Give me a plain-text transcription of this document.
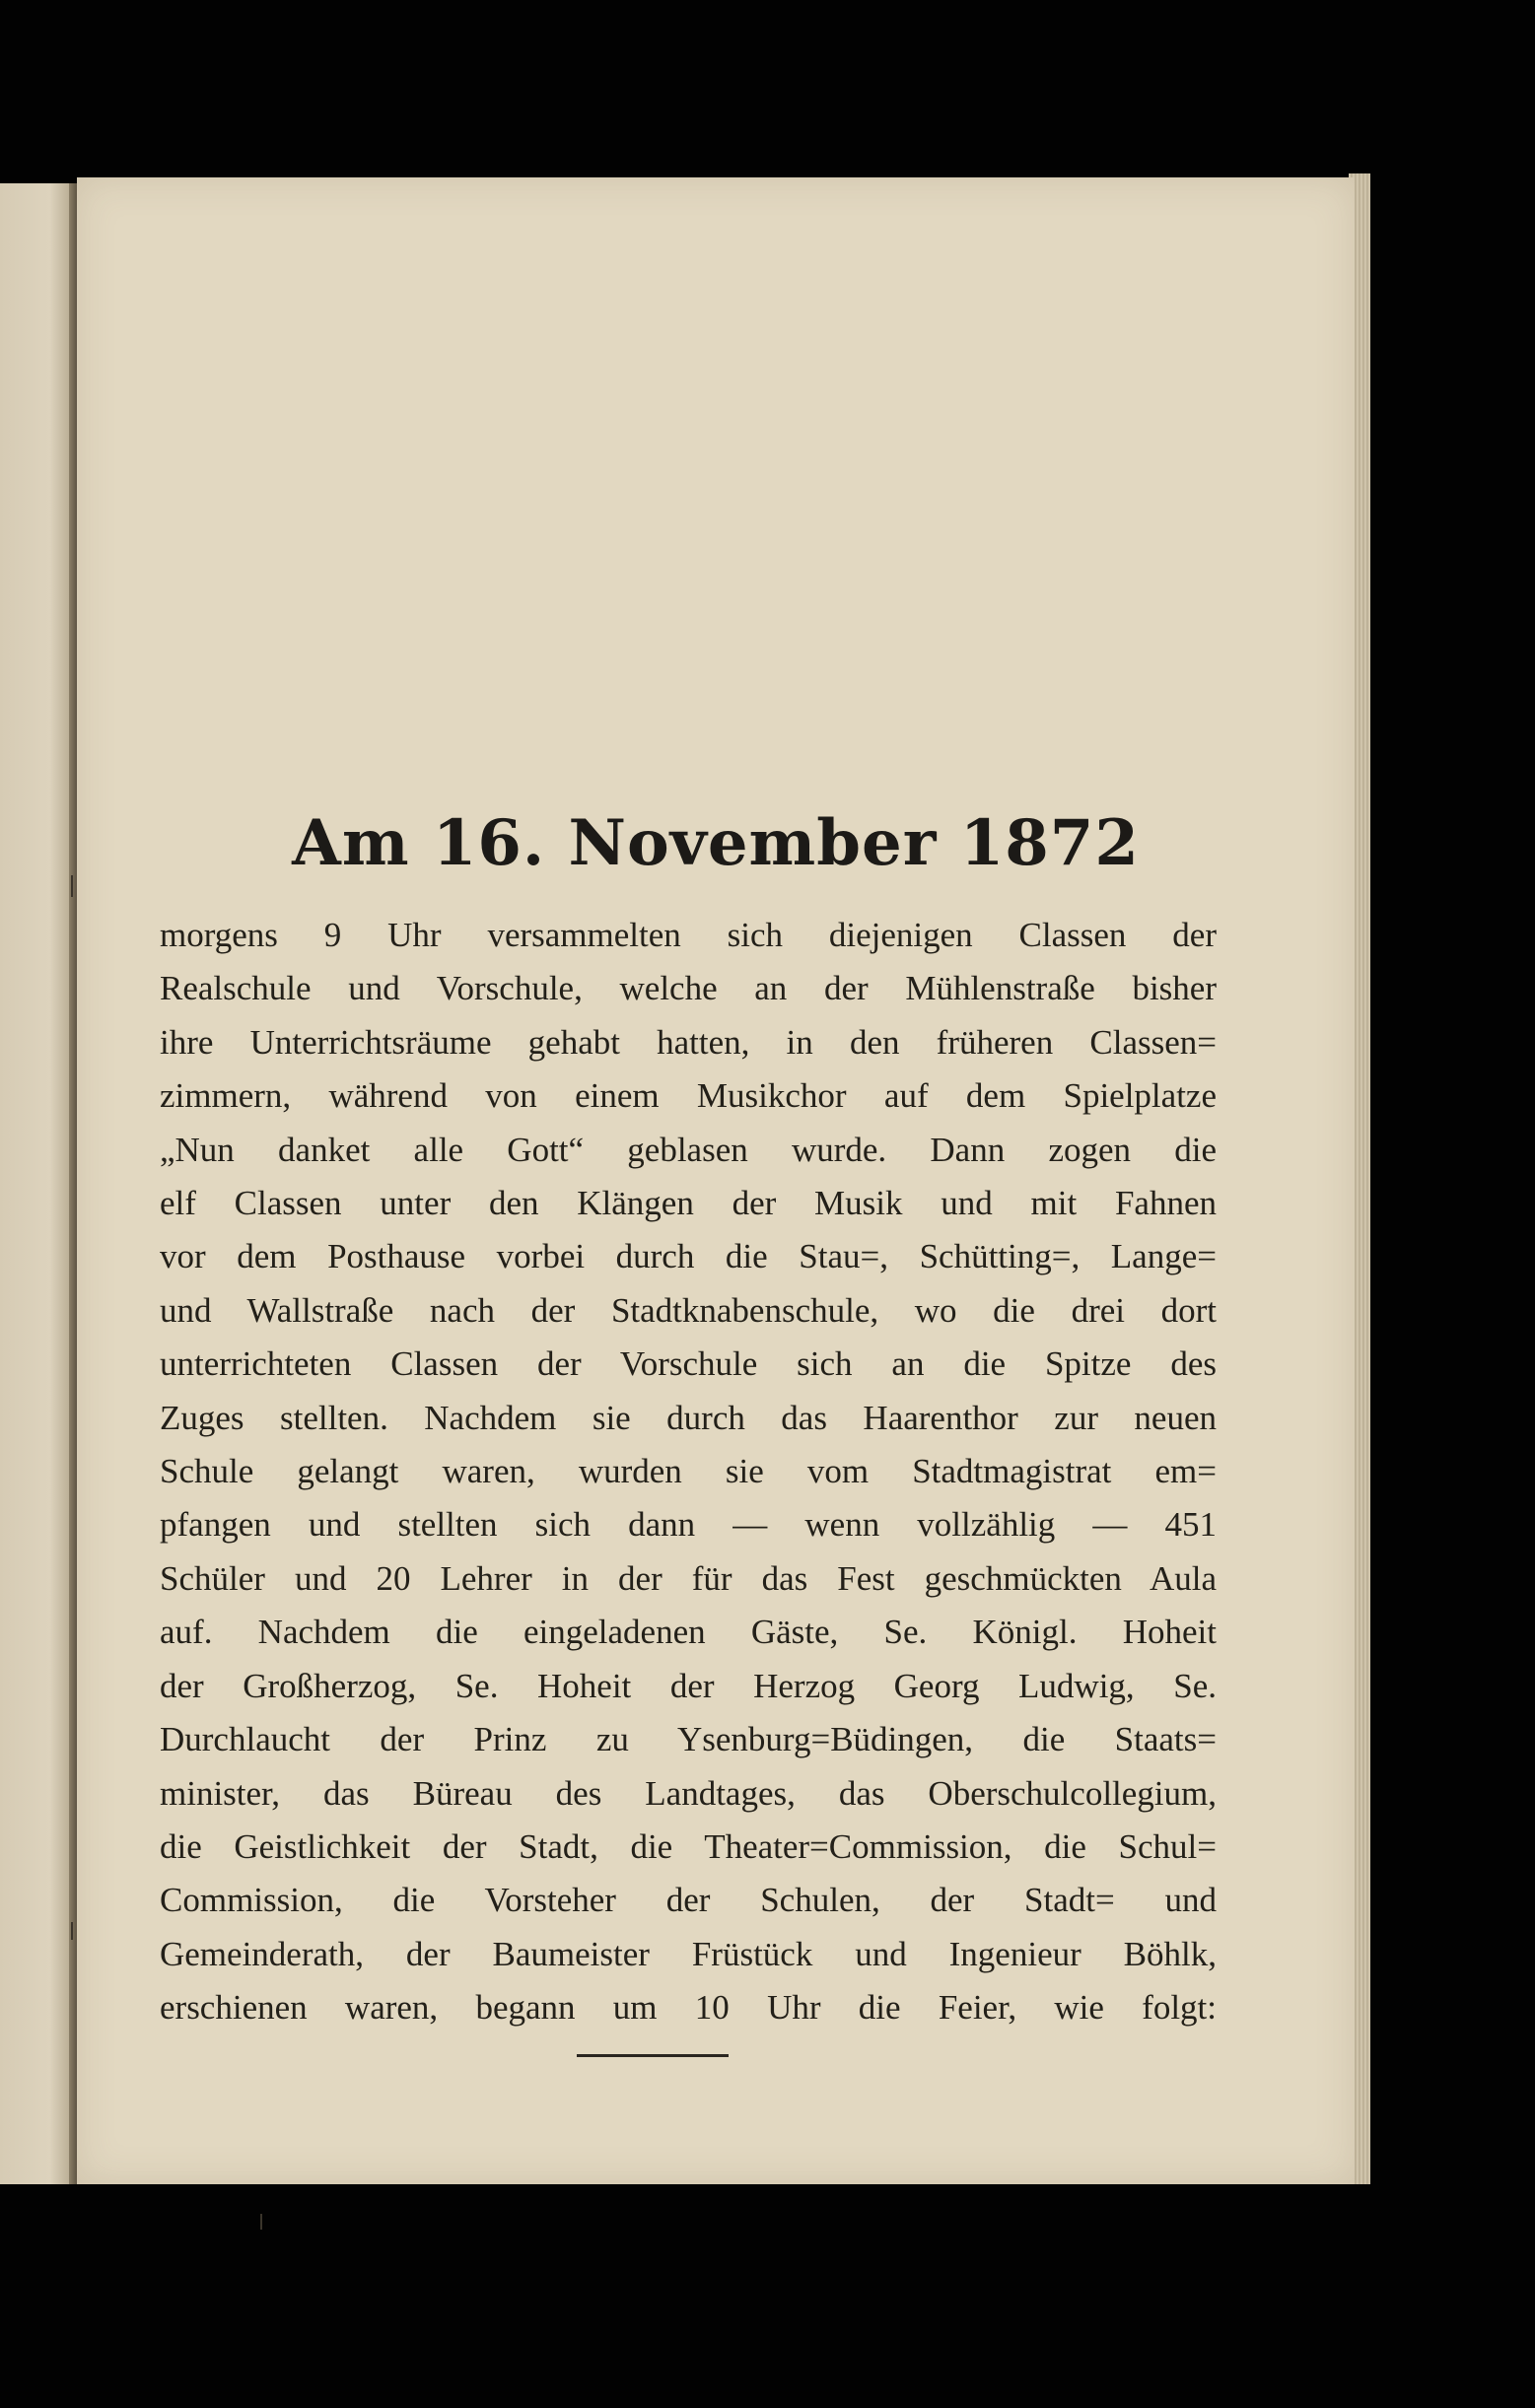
Am 16. November 1872
morgens 9 Uhr versammelten sich diejenigen Classen der
Realschule und Vorschule, welche an der Mühlenstraße bisher
ihre Unterrichtsräume gehabt hatten, in den früheren Classen=
zimmern, während von einem Musikchor auf dem Spielplatze
„Nun danket alle Gott“ geblasen wurde. Dann zogen die
elf Classen unter den Klängen der Musik und mit Fahnen
vor dem Posthause vorbei durch die Stau=, Schütting=, Lange=
und Wallstraße nach der Stadtknabenschule, wo die drei dort
unterrichteten Classen der Vorschule sich an die Spitze des
Zuges stellten. Nachdem sie durch das Haarenthor zur neuen
Schule gelangt waren, wurden sie vom Stadtmagistrat em=
pfangen und stellten sich dann — wenn vollzählig — 451
Schüler und 20 Lehrer in der für das Fest geschmückten Aula
auf. Nachdem die eingeladenen Gäste, Se. Königl. Hoheit
der Großherzog, Se. Hoheit der Herzog Georg Ludwig, Se.
Durchlaucht der Prinz zu Ysenburg=Büdingen, die Staats=
minister, das Büreau des Landtages, das Oberschulcollegium,
die Geistlichkeit der Stadt, die Theater=Commission, die Schul=
Commission, die Vorsteher der Schulen, der Stadt= und
Gemeinderath, der Baumeister Früstück und Ingenieur Böhlk,
erschienen waren, begann um 10 Uhr die Feier, wie folgt:
